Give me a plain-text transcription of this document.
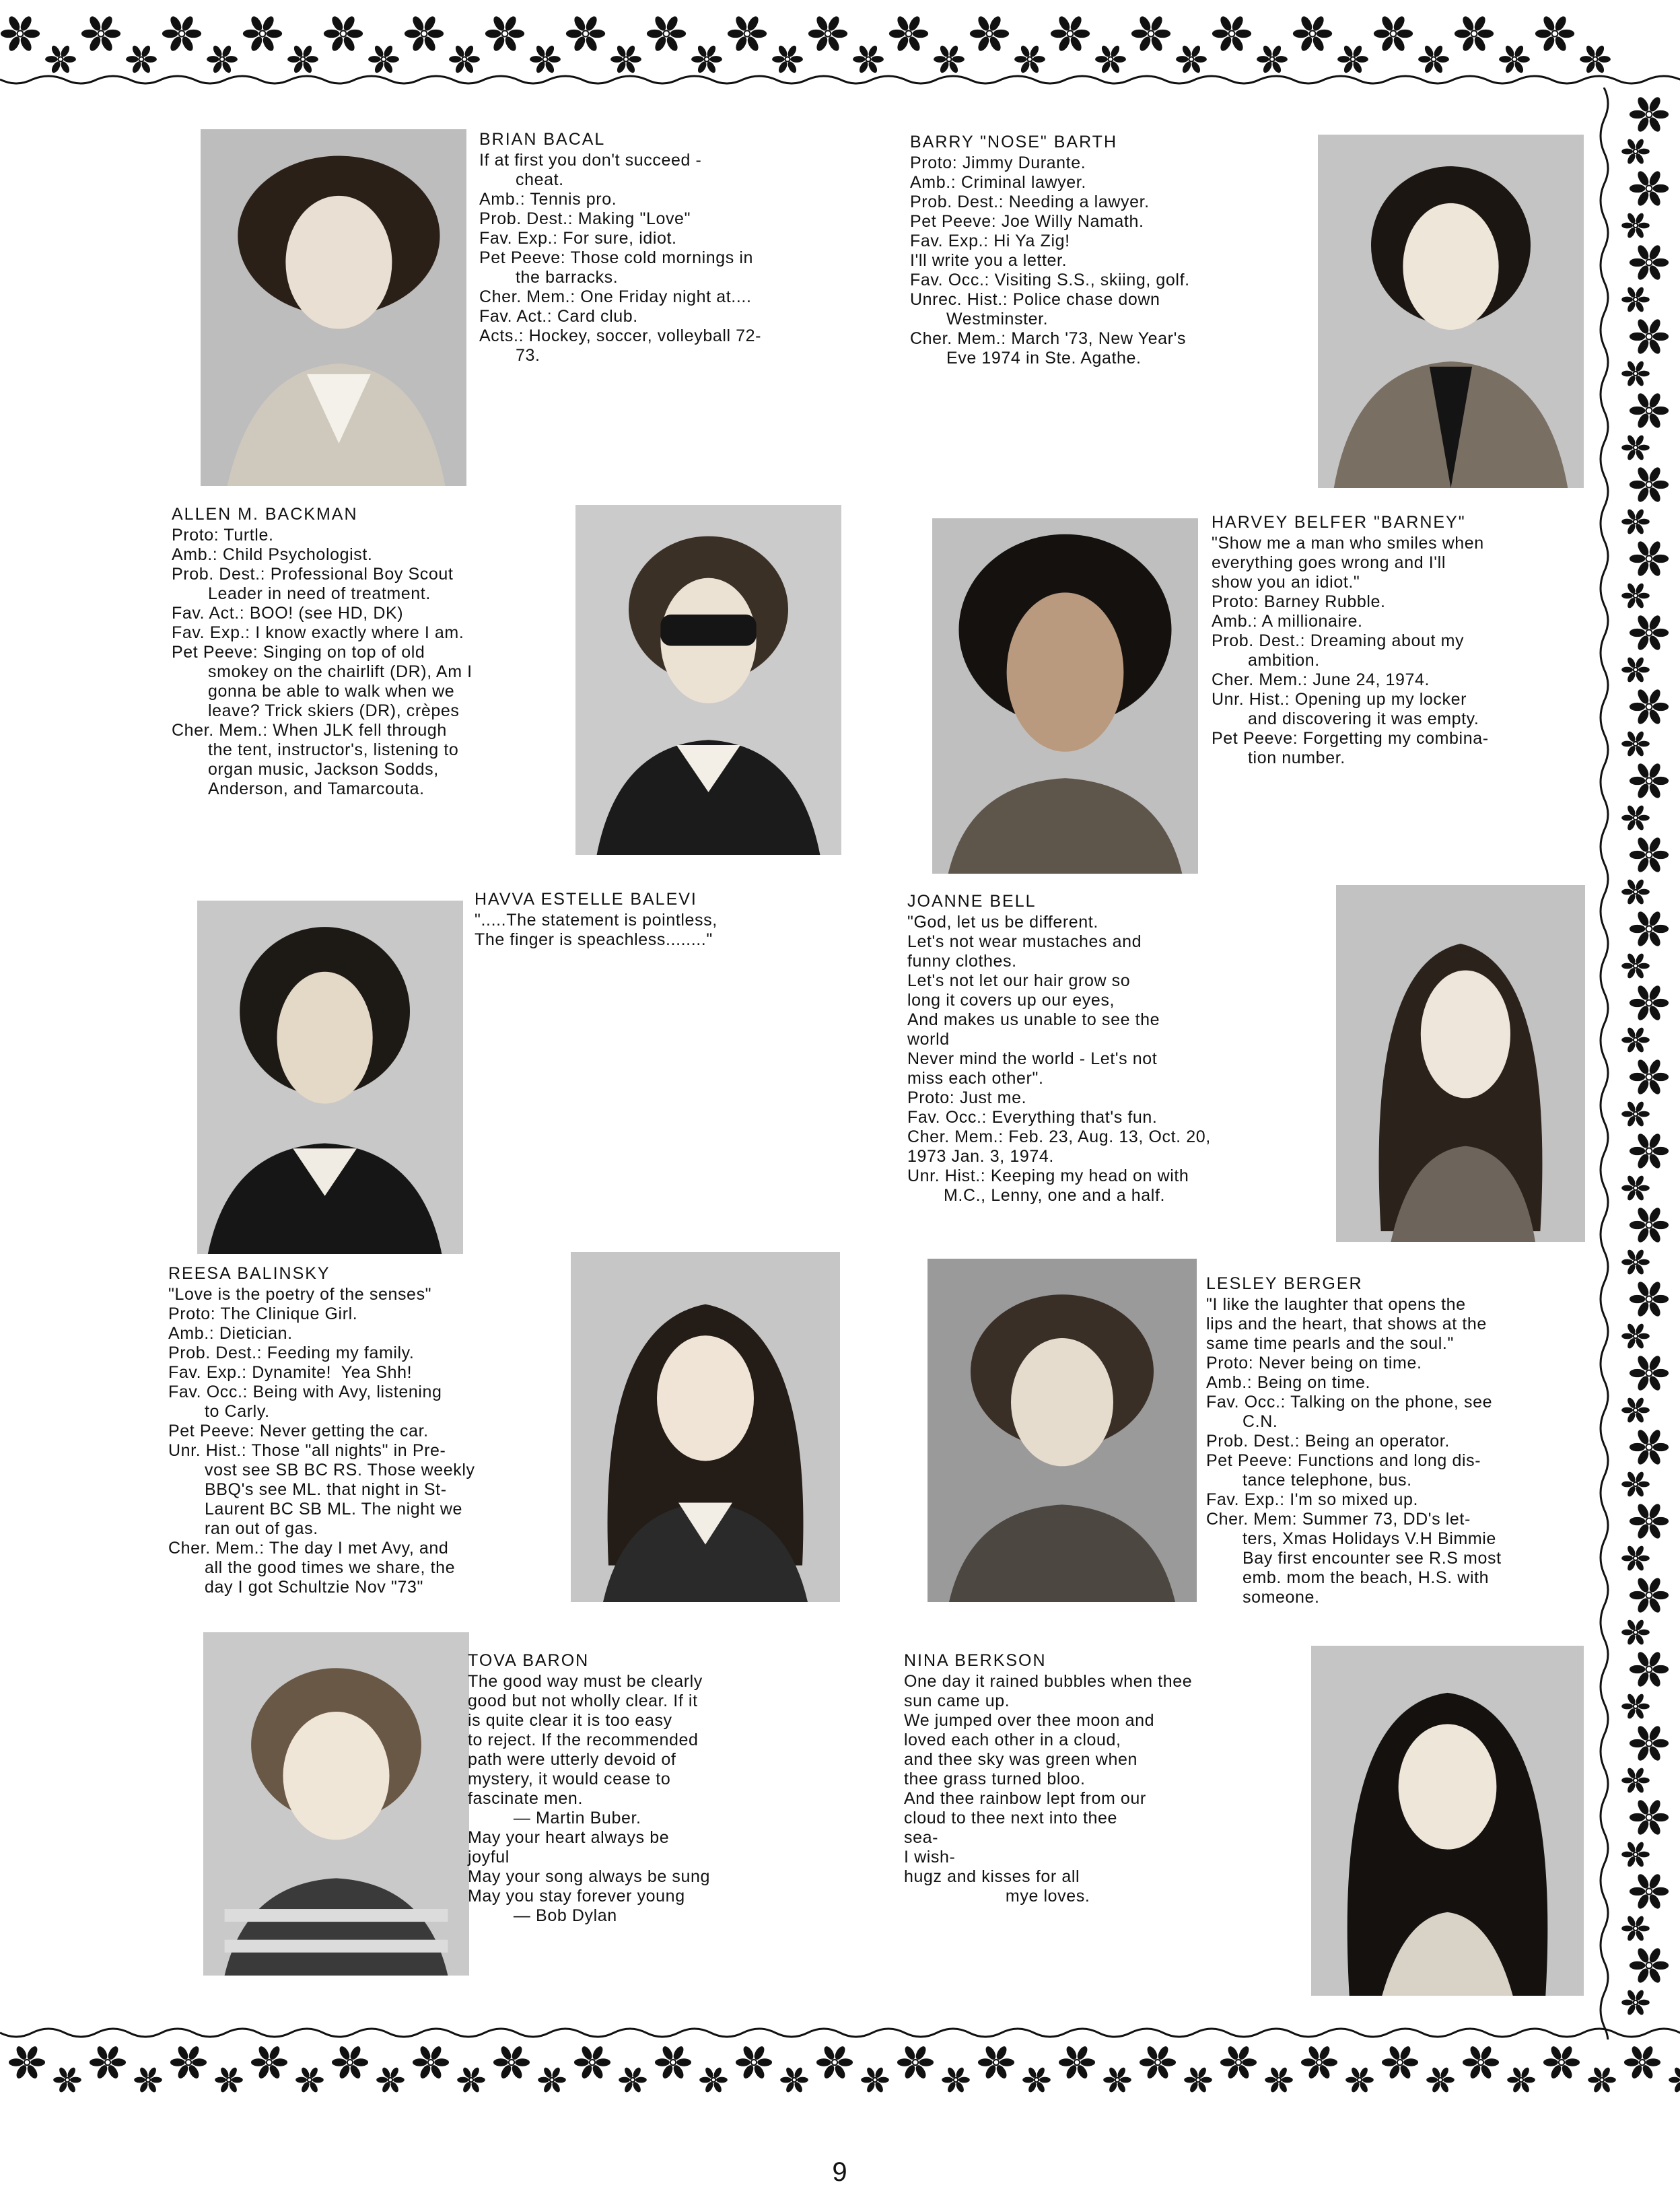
BRIAN BACAL
If at first you don't succeed -
cheat.
Amb.: Tennis pro.
Prob. Dest.: Making "Love"
Fav. Exp.: For sure, idiot.
Pet Peeve: Those cold mornings in
the barracks.
Cher. Mem.: One Friday night at....
Fav. Act.: Card club.
Acts.: Hockey, soccer, volleyball 72-
73.
BARRY "NOSE" BARTH
Proto: Jimmy Durante.
Amb.: Criminal lawyer.
Prob. Dest.: Needing a lawyer.
Pet Peeve: Joe Willy Namath.
Fav. Exp.: Hi Ya Zig!
I'll write you a letter.
Fav. Occ.: Visiting S.S., skiing, golf.
Unrec. Hist.: Police chase down
Westminster.
Cher. Mem.: March '73, New Year's
Eve 1974 in Ste. Agathe.
ALLEN M. BACKMAN
Proto: Turtle.
Amb.: Child Psychologist.
Prob. Dest.: Professional Boy Scout
Leader in need of treatment.
Fav. Act.: BOO! (see HD, DK)
Fav. Exp.: I know exactly where I am.
Pet Peeve: Singing on top of old
smokey on the chairlift (DR), Am I
gonna be able to walk when we
leave? Trick skiers (DR), crèpes
Cher. Mem.: When JLK fell through
the tent, instructor's, listening to
organ music, Jackson Sodds,
Anderson, and Tamarcouta.
HARVEY BELFER "BARNEY"
"Show me a man who smiles when
everything goes wrong and I'll
show you an idiot."
Proto: Barney Rubble.
Amb.: A millionaire.
Prob. Dest.: Dreaming about my
ambition.
Cher. Mem.: June 24, 1974.
Unr. Hist.: Opening up my locker
and discovering it was empty.
Pet Peeve: Forgetting my combina-
tion number.
HAVVA ESTELLE BALEVI
".....The statement is pointless,
The finger is speachless........"
JOANNE BELL
"God, let us be different.
Let's not wear mustaches and
funny clothes.
Let's not let our hair grow so
long it covers up our eyes,
And makes us unable to see the
world
Never mind the world - Let's not
miss each other".
Proto: Just me.
Fav. Occ.: Everything that's fun.
Cher. Mem.: Feb. 23, Aug. 13, Oct. 20,
1973 Jan. 3, 1974.
Unr. Hist.: Keeping my head on with
M.C., Lenny, one and a half.
REESA BALINSKY
"Love is the poetry of the senses"
Proto: The Clinique Girl.
Amb.: Dietician.
Prob. Dest.: Feeding my family.
Fav. Exp.: Dynamite!  Yea Shh!
Fav. Occ.: Being with Avy, listening
to Carly.
Pet Peeve: Never getting the car.
Unr. Hist.: Those "all nights" in Pre-
vost see SB BC RS. Those weekly
BBQ's see ML. that night in St-
Laurent BC SB ML. The night we
ran out of gas.
Cher. Mem.: The day I met Avy, and
all the good times we share, the
day I got Schultzie Nov "73"
LESLEY BERGER
"I like the laughter that opens the
lips and the heart, that shows at the
same time pearls and the soul."
Proto: Never being on time.
Amb.: Being on time.
Fav. Occ.: Talking on the phone, see
C.N.
Prob. Dest.: Being an operator.
Pet Peeve: Functions and long dis-
tance telephone, bus.
Fav. Exp.: I'm so mixed up.
Cher. Mem: Summer 73, DD's let-
ters, Xmas Holidays V.H Bimmie
Bay first encounter see R.S most
emb. mom the beach, H.S. with
someone.
TOVA BARON
The good way must be clearly
good but not wholly clear. If it
is quite clear it is too easy
to reject. If the recommended
path were utterly devoid of
mystery, it would cease to
fascinate men.
— Martin Buber.
May your heart always be
joyful
May your song always be sung
May you stay forever young
— Bob Dylan
NINA BERKSON
One day it rained bubbles when thee
sun came up.
We jumped over thee moon and
loved each other in a cloud,
and thee sky was green when
thee grass turned bloo.
And thee rainbow lept from our
cloud to thee next into thee
sea-
I wish-
hugz and kisses for all
mye loves.
9
